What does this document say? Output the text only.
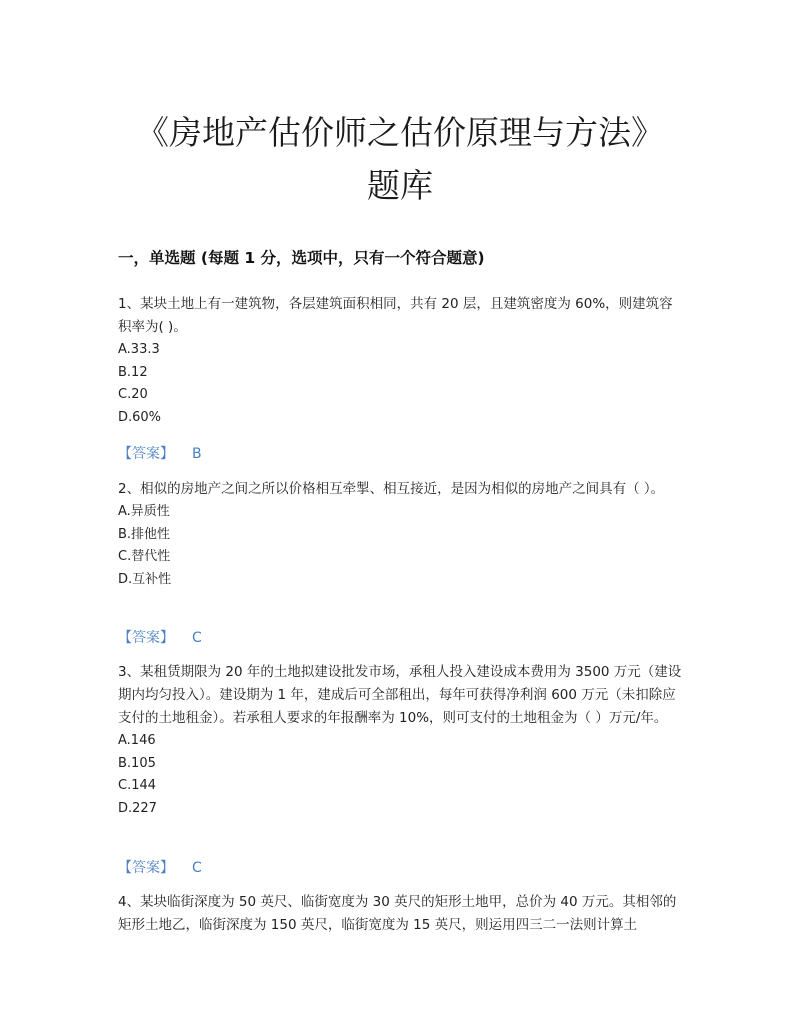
《房地产估价师之估价原理与方法》
题库
一，单选题 (每题 1 分，选项中，只有一个符合题意)

1、某块土地上有一建筑物，各层建筑面积相同，共有 20 层，且建筑密度为 60%，则建筑容积率为( )。

A.33.3

B.12

C.20

D.60%

【答案】 B

2、相似的房地产之间之所以价格相互牵掣、相互接近，是因为相似的房地产之间具有（ ）。

A.异质性

B.排他性

C.替代性

D.互补性

【答案】 C

3、某租赁期限为 20 年的土地拟建设批发市场，承租人投入建设成本费用为 3500 万元（建设期内均匀投入）。建设期为 1 年，建成后可全部租出，每年可获得净利润 600 万元（未扣除应支付的土地租金）。若承租人要求的年报酬率为 10%，则可支付的土地租金为（ ）万元/年。

A.146

B.105

C.144

D.227

【答案】 C

4、某块临街深度为 50 英尺、临街宽度为 30 英尺的矩形土地甲，总价为 40 万元。其相邻的矩形土地乙，临街深度为 150 英尺，临街宽度为 15 英尺，则运用四三二一法则计算土
